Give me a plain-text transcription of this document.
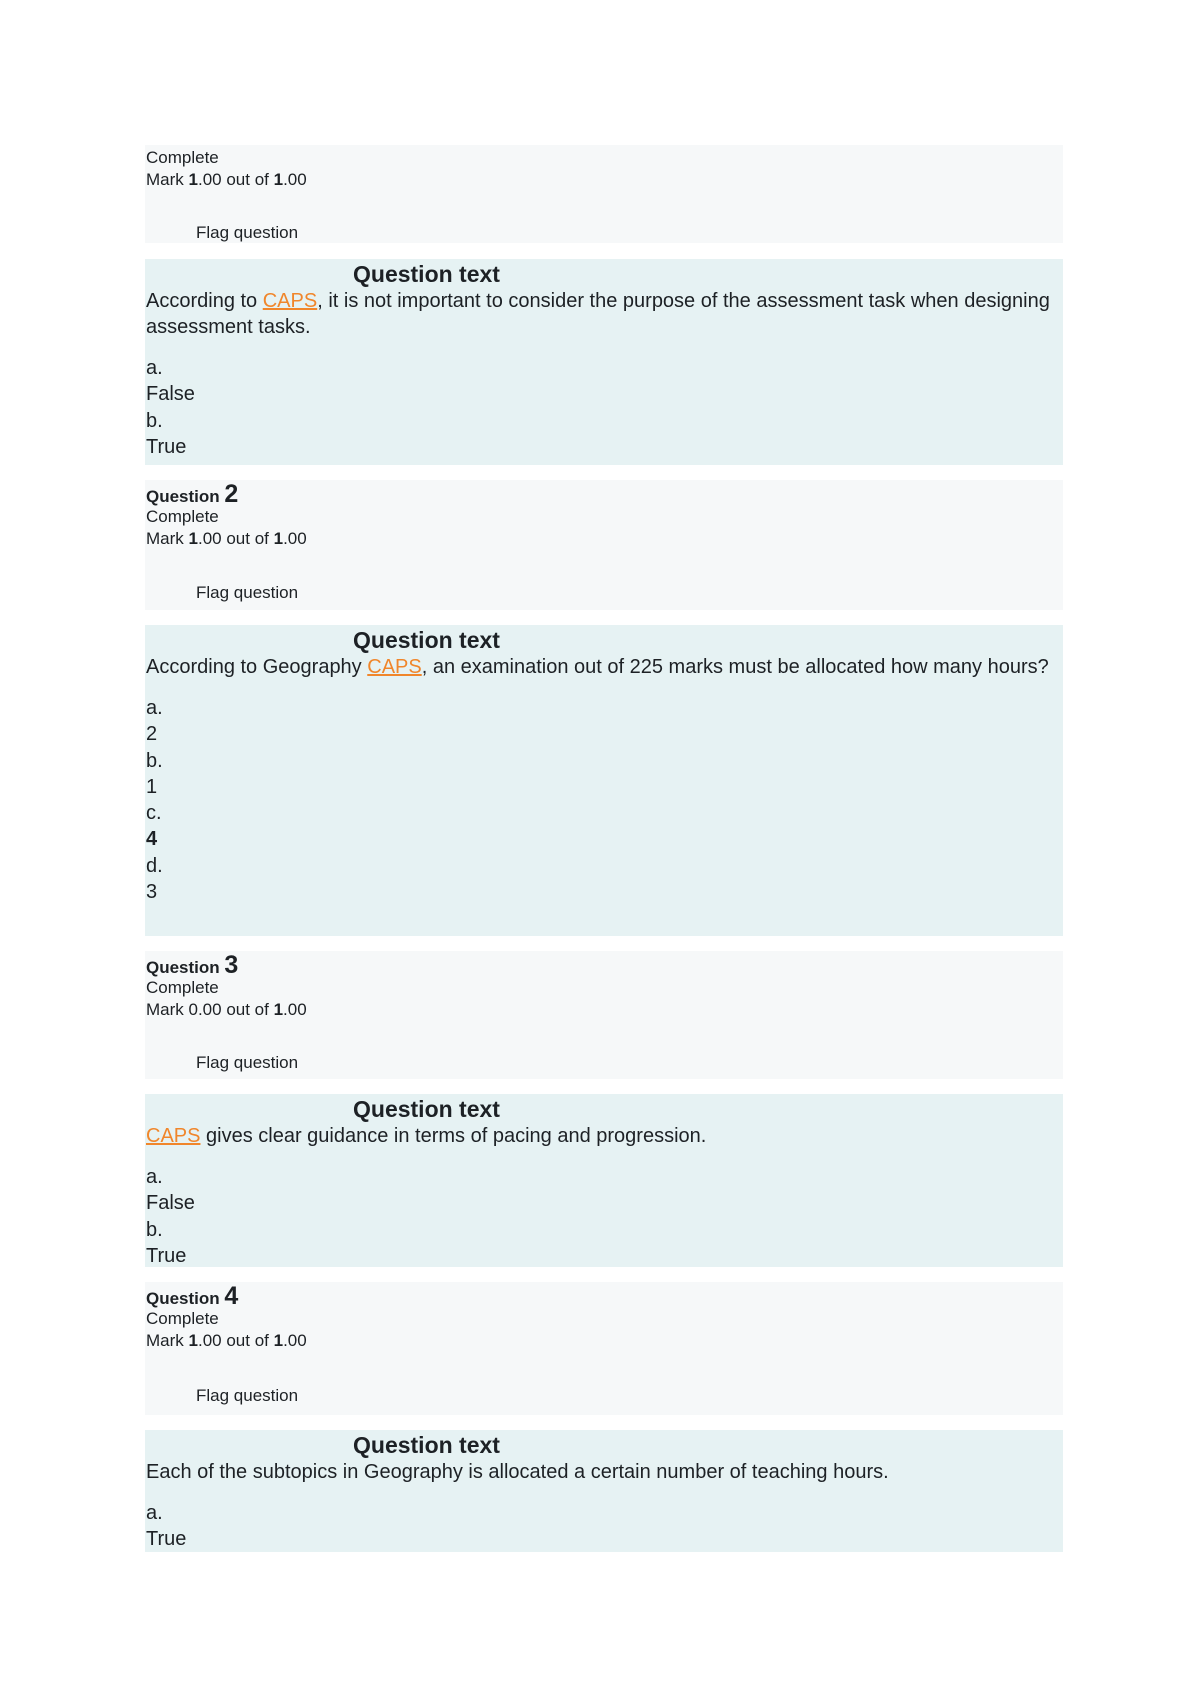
Complete
Mark 1.00 out of 1.00
Flag question
Question text
According to CAPS, it is not important to consider the purpose of the assessment task when designing assessment tasks.
a.
False
b.
True
Question 2
Complete
Mark 1.00 out of 1.00
Flag question
Question text
According to Geography CAPS, an examination out of 225 marks must be allocated how many hours?
a.
2
b.
1
c.
4
d.
3
Question 3
Complete
Mark 0.00 out of 1.00
Flag question
Question text
CAPS gives clear guidance in terms of pacing and progression.
a.
False
b.
True
Question 4
Complete
Mark 1.00 out of 1.00
Flag question
Question text
Each of the subtopics in Geography is allocated a certain number of teaching hours.
a.
True
